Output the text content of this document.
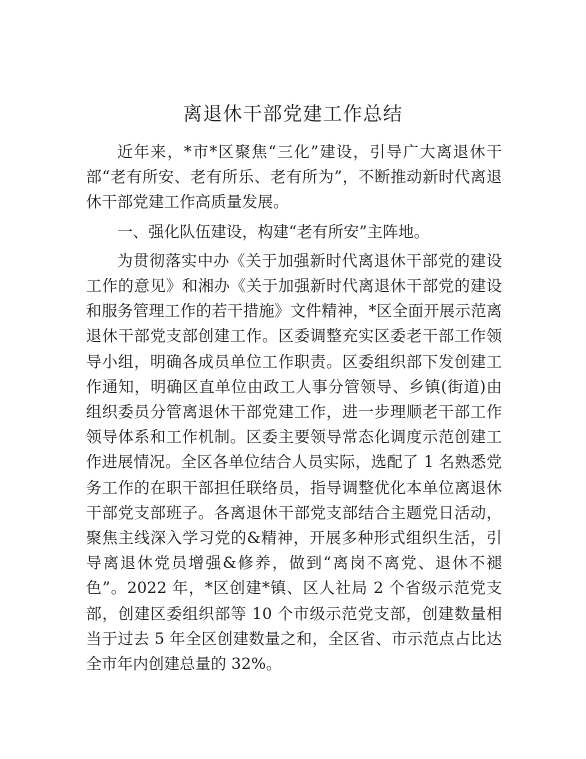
离退休干部党建工作总结

近年来，*市*区聚焦“三化”建设，引导广大离退休干部“老有所安、老有所乐、老有所为”，不断推动新时代离退休干部党建工作高质量发展。

一、强化队伍建设，构建“老有所安”主阵地。

为贯彻落实中办《关于加强新时代离退休干部党的建设工作的意见》和湘办《关于加强新时代离退休干部党的建设和服务管理工作的若干措施》文件精神，*区全面开展示范离退休干部党支部创建工作。区委调整充实区委老干部工作领导小组，明确各成员单位工作职责。区委组织部下发创建工作通知，明确区直单位由政工人事分管领导、乡镇(街道)由组织委员分管离退休干部党建工作，进一步理顺老干部工作领导体系和工作机制。区委主要领导常态化调度示范创建工作进展情况。全区各单位结合人员实际，选配了 1 名熟悉党务工作的在职干部担任联络员，指导调整优化本单位离退休干部党支部班子。各离退休干部党支部结合主题党日活动，聚焦主线深入学习党的&精神，开展多种形式组织生活，引导离退休党员增强&修养，做到“离岗不离党、退休不褪色”。2022 年，*区创建*镇、区人社局 2 个省级示范党支部，创建区委组织部等 10 个市级示范党支部，创建数量相当于过去 5 年全区创建数量之和，全区省、市示范点占比达全市年内创建总量的 32%。
